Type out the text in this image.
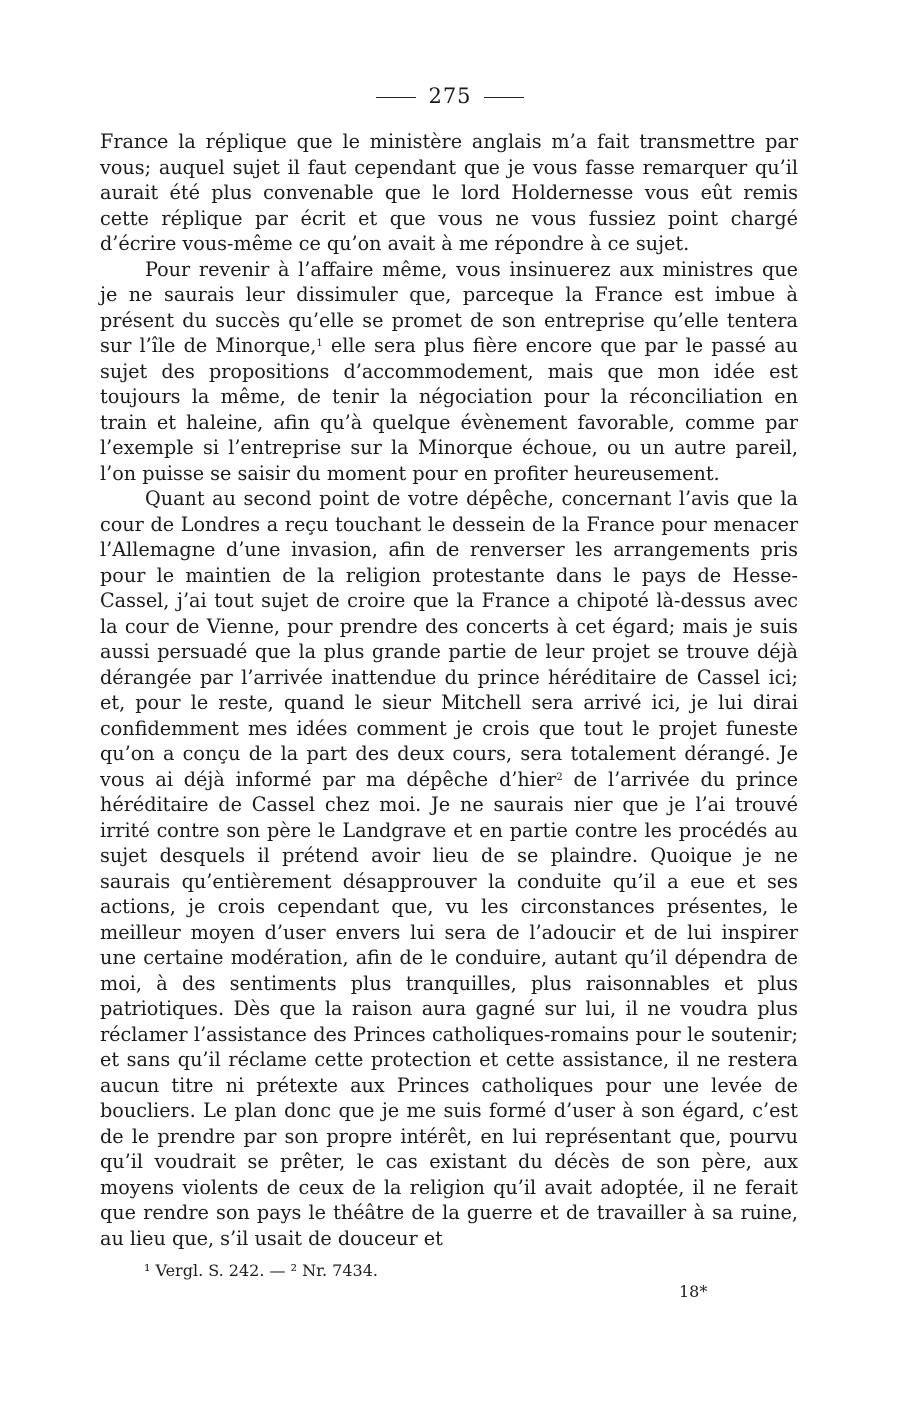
275

France la réplique que le ministère anglais m’a fait transmettre par vous; auquel sujet il faut cependant que je vous fasse remarquer qu’il aurait été plus convenable que le lord Holdernesse vous eût remis cette réplique par écrit et que vous ne vous fussiez point chargé d’écrire vous-même ce qu’on avait à me répondre à ce sujet.

Pour revenir à l’affaire même, vous insinuerez aux ministres que je ne saurais leur dissimuler que, parceque la France est imbue à présent du succès qu’elle se promet de son entreprise qu’elle tentera sur l’île de Minorque,$^1$ elle sera plus fière encore que par le passé au sujet des propositions d’accommodement, mais que mon idée est toujours la même, de tenir la négociation pour la réconciliation en train et haleine, afin qu’à quelque évènement favorable, comme par l’exemple si l’entreprise sur la Minorque échoue, ou un autre pareil, l’on puisse se saisir du moment pour en profiter heureusement.

Quant au second point de votre dépêche, concernant l’avis que la cour de Londres a reçu touchant le dessein de la France pour menacer l’Allemagne d’une invasion, afin de renverser les arrangements pris pour le maintien de la religion protestante dans le pays de Hesse-Cassel, j’ai tout sujet de croire que la France a chipoté là-dessus avec la cour de Vienne, pour prendre des concerts à cet égard; mais je suis aussi persuadé que la plus grande partie de leur projet se trouve déjà dérangée par l’arrivée inattendue du prince héréditaire de Cassel ici; et, pour le reste, quand le sieur Mitchell sera arrivé ici, je lui dirai confidemment mes idées comment je crois que tout le projet funeste qu’on a conçu de la part des deux cours, sera totalement dérangé. Je vous ai déjà informé par ma dépêche d’hier$^2$ de l’arrivée du prince héréditaire de Cassel chez moi. Je ne saurais nier que je l’ai trouvé irrité contre son père le Landgrave et en partie contre les procédés au sujet desquels il prétend avoir lieu de se plaindre. Quoique je ne saurais qu’entièrement désapprouver la conduite qu’il a eue et ses actions, je crois cependant que, vu les circonstances présentes, le meilleur moyen d’user envers lui sera de l’adoucir et de lui inspirer une certaine modération, afin de le conduire, autant qu’il dépendra de moi, à des sentiments plus tranquilles, plus raisonnables et plus patriotiques. Dès que la raison aura gagné sur lui, il ne voudra plus réclamer l’assistance des Princes catholiques-romains pour le soutenir; et sans qu’il réclame cette protection et cette assistance, il ne restera aucun titre ni prétexte aux Princes catholiques pour une levée de boucliers. Le plan donc que je me suis formé d’user à son égard, c’est de le prendre par son propre intérêt, en lui représentant que, pourvu qu’il voudrait se prêter, le cas existant du décès de son père, aux moyens violents de ceux de la religion qu’il avait adoptée, il ne ferait que rendre son pays le théâtre de la guerre et de travailler à sa ruine, au lieu que, s’il usait de douceur et

¹ Vergl. S. 242. — ² Nr. 7434.
18*
